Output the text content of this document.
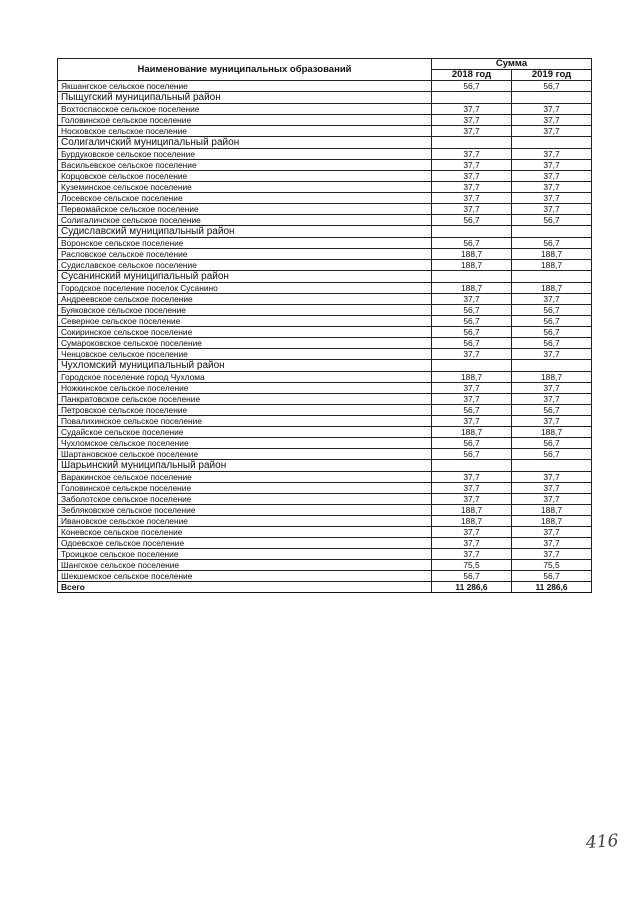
Наименование муниципальных образований	Сумма	
	2018 год	2019 год
Якшангское сельское поселение	56,7	56,7
Пыщугский муниципальный район		
Вохтоспасское сельское поселение	37,7	37,7
Головинское сельское поселение	37,7	37,7
Носковское сельское поселение	37,7	37,7
Солигаличский муниципальный район		
Бурдуковское сельское поселение	37,7	37,7
Васильевское сельское поселение	37,7	37,7
Корцовское сельское поселение	37,7	37,7
Куземинское сельское поселение	37,7	37,7
Лосевское сельское поселение	37,7	37,7
Первомайское сельское поселение	37,7	37,7
Солигаличское сельское поселение	56,7	56,7
Судиславский муниципальный район		
Воронское сельское поселение	56,7	56,7
Расловское сельское поселение	188,7	188,7
Судиславское сельское поселение	188,7	188,7
Сусанинский муниципальный район		
Городское поселение поселок Сусанино	188,7	188,7
Андреевское сельское поселение	37,7	37,7
Буяковское сельское поселение	56,7	56,7
Северное сельское поселение	56,7	56,7
Сокиринское сельское поселение	56,7	56,7
Сумароковское сельское поселение	56,7	56,7
Ченцовское сельское поселение	37,7	37,7
Чухломский муниципальный район		
Городское поселение город Чухлома	188,7	188,7
Ножкинское сельское поселение	37,7	37,7
Панкратовское сельское поселение	37,7	37,7
Петровское сельское поселение	56,7	56,7
Повалихинское сельское поселение	37,7	37,7
Судайское сельское поселение	188,7	188,7
Чухломское сельское поселение	56,7	56,7
Шартановское сельское поселение	56,7	56,7
Шарьинский муниципальный район		
Варакинское сельское поселение	37,7	37,7
Головинское сельское поселение	37,7	37,7
Заболотское сельское поселение	37,7	37,7
Зебляковское сельское поселение	188,7	188,7
Ивановское сельское поселение	188,7	188,7
Коневское сельское поселение	37,7	37,7
Одоевское сельское поселение	37,7	37,7
Троицкое сельское поселение	37,7	37,7
Шангское сельское поселение	75,5	75,5
Шекшемское сельское поселение	56,7	56,7
Всего	11 286,6	11 286,6
416
